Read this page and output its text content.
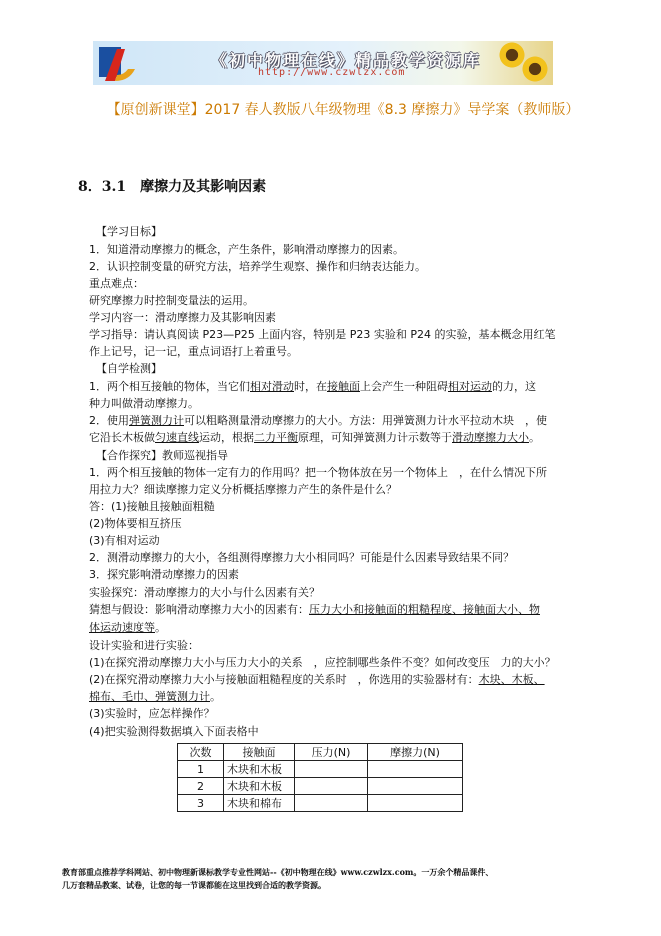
《初中物理在线》精品教学资源库
http://www.czwlzx.com
【原创新课堂】2017 春人教版八年级物理《8.3 摩擦力》导学案（教师版）
8．3.1　摩擦力及其影响因素
【学习目标】
1．知道滑动摩擦力的概念，产生条件，影响滑动摩擦力的因素。
2．认识控制变量的研究方法，培养学生观察、操作和归纳表达能力。
重点难点：
研究摩擦力时控制变量法的运用。
学习内容一：滑动摩擦力及其影响因素
学习指导：请认真阅读 P23—P25 上面内容，特别是 P23 实验和 P24 的实验，基本概念用红笔
作上记号，记一记，重点词语打上着重号。
【自学检测】
1．两个相互接触的物体，当它们相对滑动时，在接触面上会产生一种阻碍相对运动的力，这
种力叫做滑动摩擦力。
2．使用弹簧测力计可以粗略测量滑动摩擦力的大小。方法：用弹簧测力计水平拉动木块　，使
它沿长木板做匀速直线运动，根据二力平衡原理，可知弹簧测力计示数等于滑动摩擦力大小。
【合作探究】教师巡视指导
1．两个相互接触的物体一定有力的作用吗？把一个物体放在另一个物体上　，在什么情况下所
用拉力大？细读摩擦力定义分析概括摩擦力产生的条件是什么？
答：(1)接触且接触面粗糙
(2)物体要相互挤压
(3)有相对运动
2．测滑动摩擦力的大小，各组测得摩擦力大小相同吗？可能是什么因素导致结果不同？
3．探究影响滑动摩擦力的因素
实验探究：滑动摩擦力的大小与什么因素有关？
猜想与假设：影响滑动摩擦力大小的因素有：压力大小和接触面的粗糙程度、接触面大小、物
体运动速度等。
设计实验和进行实验：
(1)在探究滑动摩擦力大小与压力大小的关系　，应控制哪些条件不变？如何改变压　力的大小？
(2)在探究滑动摩擦力大小与接触面粗糙程度的关系时　，你选用的实验器材有：木块、木板、
棉布、毛巾、弹簧测力计。
(3)实验时，应怎样操作？
(4)把实验测得数据填入下面表格中
次数	接触面	压力(N)	摩擦力(N)
1	木块和木板		
2	木块和木板		
3	木块和棉布		
教育部重点推荐学科网站、初中物理新课标教学专业性网站--《初中物理在线》www.czwlzx.com。一万余个精品课件、
几万套精品教案、试卷，让您的每一节课都能在这里找到合适的教学资源。
